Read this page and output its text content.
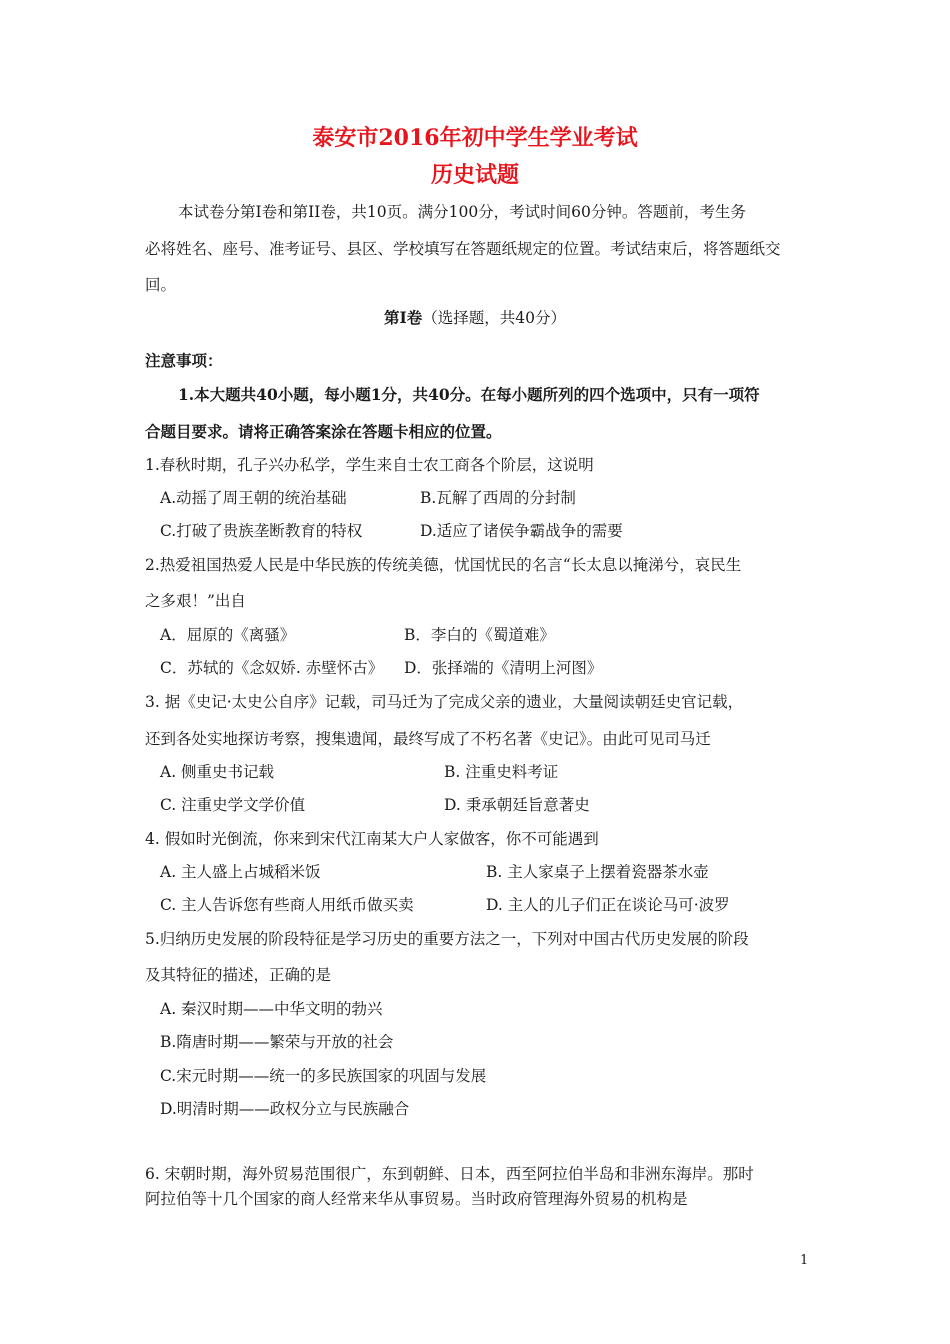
泰安市2016年初中学生学业考试

历史试题

本试卷分第I卷和第II卷，共10页。满分100分，考试时间60分钟。答题前，考生务

必将姓名、座号、准考证号、县区、学校填写在答题纸规定的位置。考试结束后，将答题纸交

回。

第I卷（选择题，共40分）

注意事项：

1.本大题共40小题，每小题1分，共40分。在每小题所列的四个选项中，只有一项符

合题目要求。请将正确答案涂在答题卡相应的位置。

1.春秋时期，孔子兴办私学，学生来自士农工商各个阶层，这说明

A.动摇了周王朝的统治基础	B.瓦解了西周的分封制

C.打破了贵族垄断教育的特权	D.适应了诸侯争霸战争的需要

2.热爱祖国热爱人民是中华民族的传统美德，忧国忧民的名言“长太息以掩涕兮，哀民生

之多艰！”出自

A．屈原的《离骚》	B．李白的《蜀道难》

C．苏轼的《念奴娇. 赤壁怀古》 D．张择端的《清明上河图》

3. 据《史记·太史公自序》记载，司马迁为了完成父亲的遗业，大量阅读朝廷史官记载，

还到各处实地探访考察，搜集遗闻，最终写成了不朽名著《史记》。由此可见司马迁

A. 侧重史书记载	B. 注重史料考证

C. 注重史学文学价值	D. 秉承朝廷旨意著史

4. 假如时光倒流，你来到宋代江南某大户人家做客，你不可能遇到

A. 主人盛上占城稻米饭	B. 主人家桌子上摆着瓷器茶水壶

C. 主人告诉您有些商人用纸币做买卖	D. 主人的儿子们正在谈论马可·波罗

5.归纳历史发展的阶段特征是学习历史的重要方法之一，下列对中国古代历史发展的阶段

及其特征的描述，正确的是

A. 秦汉时期——中华文明的勃兴

B.隋唐时期——繁荣与开放的社会

C.宋元时期——统一的多民族国家的巩固与发展

D.明清时期——政权分立与民族融合

6. 宋朝时期，海外贸易范围很广，东到朝鲜、日本，西至阿拉伯半岛和非洲东海岸。那时

阿拉伯等十几个国家的商人经常来华从事贸易。当时政府管理海外贸易的机构是

1
